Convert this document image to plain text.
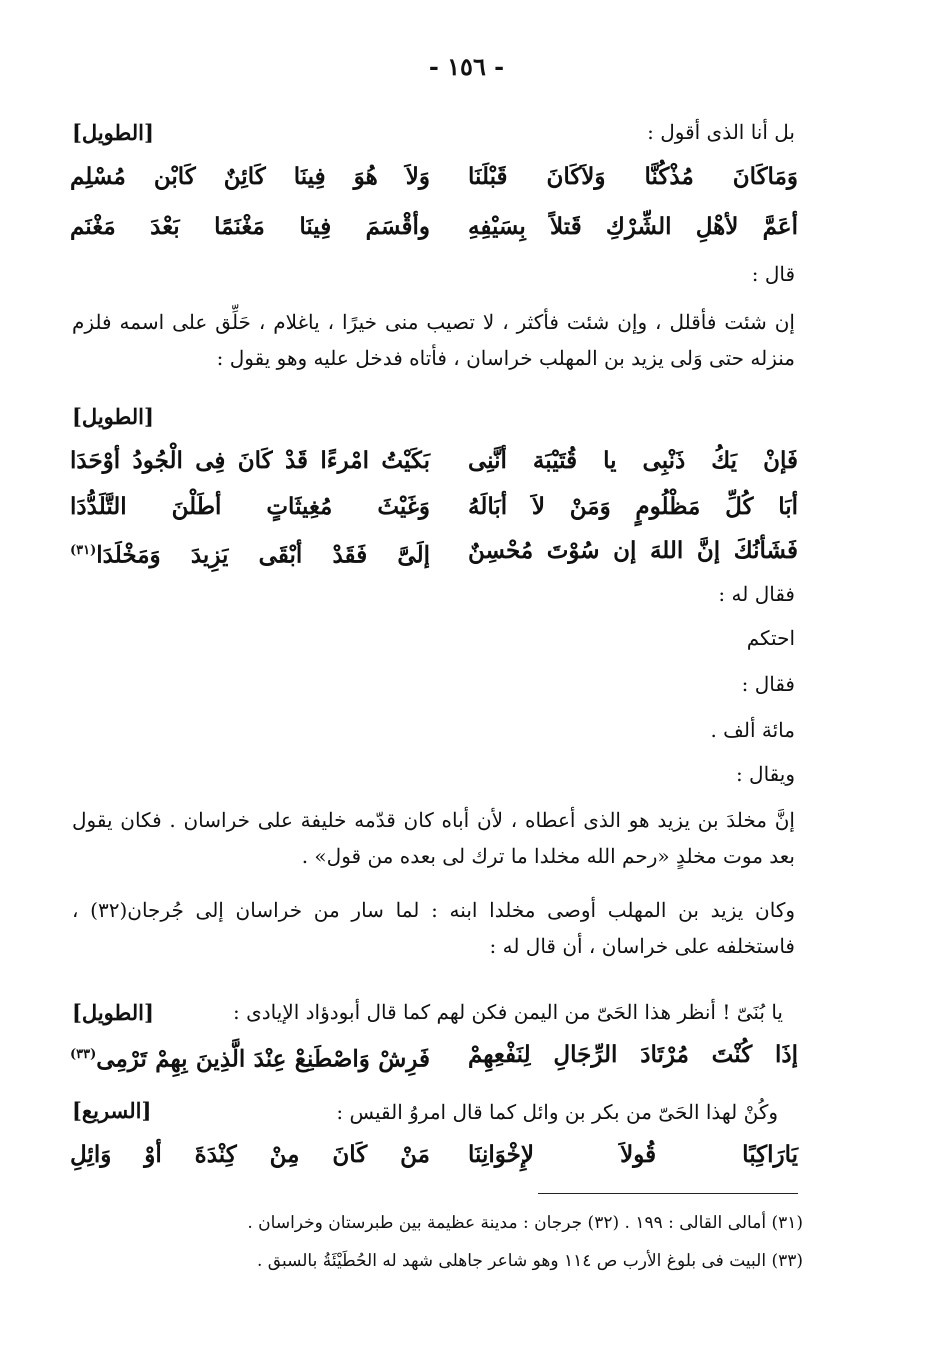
- ١٥٦ -
بل أنا الذى أقول :
[الطويل]
وَمَاكَانَ مُذْكُنَّا وَلاَكَانَ قَبْلَنَا
وَلاَ هُوَ فِينَا كَائِنٌ كَابْن مُسْلِم
أعَمَّ لأهْلِ الشِّرْكِ قَتلاً بِسَيْفِهِ
وأقْسَمَ فِينَا مَغْنَمًا بَعْدَ مَغْنَم
قال :
إن شئت فأقلل ، وإن شئت فأكثر ، لا تصيب منى خيرًا ، ياغلام ، حَلِّق على اسمه فلزم منزله حتى وَلى يزيد بن المهلب خراسان ، فأتاه فدخل عليه وهو يقول :
[الطويل]
فَإنْ يَكُ ذَنْبِى يا قُتَيْبَة أنَّنِى
بَكَيْتُ امْرءًا قَدْ كَانَ فِى الْجُودُ أوْحَدَا
أبَا كُلِّ مَظْلُومٍ وَمَنْ لاَ أبَالَهُ
وَغَيْثَ مُغِيثَاتٍ أطَلْنَ التَّلَدُّدَا
فَشَأنُكَ إنَّ اللهَ إن سُوْتَ مُحْسِنٌ
إلَىَّ فَقَدْ أبْقَى يَزِيدَ وَمَخْلَدَا$^{(٣١)}$
فقال له :
احتكم
فقال :
مائة ألف .
ويقال :
إنَّ مخلدَ بن يزيد هو الذى أعطاه ، لأن أباه كان قدّمه خليفة على خراسان . فكان يقول بعد موت مخلدٍ «رحم الله مخلدا ما ترك لى بعده من قول» .
وكان يزيد بن المهلب أوصى مخلدا ابنه : لما سار من خراسان إلى جُرجان(٣٢) ، فاستخلفه على خراسان ، أن قال له :
يا بُنَىّ ! أنظر هذا الحَىّ من اليمن فكن لهم كما قال أبودؤاد الإيادى :
[الطويل]
إذَا كُنْتَ مُرْتَادَ الرِّجَالِ لِنَفْعِهِمْ
فَرِشْ وَاصْطَنِعْ عِنْدَ الَّذِينَ بِهِمْ تَرْمِى$^{(٣٣)}$
وكُنْ لهذا الحَىّ من بكر بن وائل كما قال امروُ القيس :
[السريع]
يَارَاكِبًا قُولاَ لإِخْوَانِنَا
مَنْ كَانَ مِنْ كِنْدَةَ أوْ وَائِلِ
(٣١) أمالى القالى : ١٩٩ . (٣٢) جرجان : مدينة عظيمة بين طبرستان وخراسان .
(٣٣) البيت فى بلوغ الأرب ص ١١٤ وهو شاعر جاهلى شهد له الحُطَيْئَةُ بالسبق .
